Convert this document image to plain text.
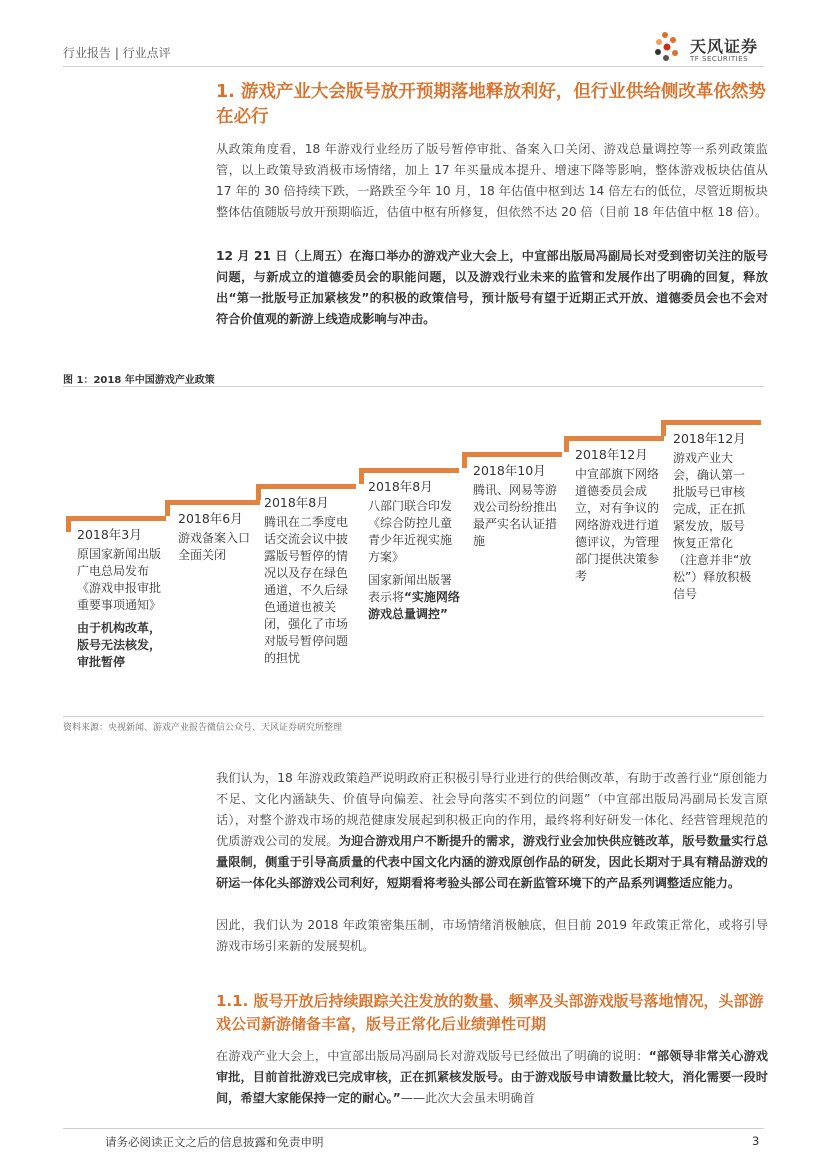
行业报告 | 行业点评	天风证券
TF SECURITIES
1. 游戏产业大会版号放开预期落地释放利好，但行业供给侧改革依然势在必行
从政策角度看，18 年游戏行业经历了版号暂停审批、备案入口关闭、游戏总量调控等一系列政策监管，以上政策导致消极市场情绪，加上 17 年买量成本提升、增速下降等影响，整体游戏板块估值从 17 年的 30 倍持续下跌，一路跌至今年 10 月，18 年估值中枢到达 14 倍左右的低位，尽管近期板块整体估值随版号放开预期临近，估值中枢有所修复，但依然不达 20 倍（目前 18 年估值中枢 18 倍）。
12 月 21 日（上周五）在海口举办的游戏产业大会上，中宣部出版局冯副局长对受到密切关注的版号问题，与新成立的道德委员会的职能问题，以及游戏行业未来的监管和发展作出了明确的回复，释放出“第一批版号正加紧核发”的积极的政策信号，预计版号有望于近期正式开放、道德委员会也不会对符合价值观的新游上线造成影响与冲击。
图 1：2018 年中国游戏产业政策
2018年3月
原国家新闻出版广电总局发布《游戏申报审批重要事项通知》
由于机构改革，版号无法核发，审批暂停
2018年6月
游戏备案入口全面关闭
2018年8月
腾讯在二季度电话交流会议中披露版号暂停的情况以及存在绿色通道，不久后绿色通道也被关闭，强化了市场对版号暂停问题的担忧
2018年8月
八部门联合印发《综合防控儿童青少年近视实施方案》
国家新闻出版署表示将“实施网络游戏总量调控”
2018年10月
腾讯、网易等游戏公司纷纷推出最严实名认证措施
2018年12月
中宣部旗下网络道德委员会成立，对有争议的网络游戏进行道德评议，为管理部门提供决策参考
2018年12月
游戏产业大会，确认第一批版号已审核完成，正在抓紧发放，版号恢复正常化（注意并非“放松”）释放积极信号
资料来源：央视新闻、游戏产业报告微信公众号、天风证券研究所整理
我们认为，18 年游戏政策趋严说明政府正积极引导行业进行的供给侧改革，有助于改善行业“原创能力不足、文化内涵缺失、价值导向偏差、社会导向落实不到位的问题”（中宣部出版局冯副局长发言原话），对整个游戏市场的规范健康发展起到积极正向的作用，最终将利好研发一体化、经营管理规范的优质游戏公司的发展。为迎合游戏用户不断提升的需求，游戏行业会加快供应链改革，版号数量实行总量限制，侧重于引导高质量的代表中国文化内涵的游戏原创作品的研发，因此长期对于具有精品游戏的研运一体化头部游戏公司利好，短期看将考验头部公司在新监管环境下的产品系列调整适应能力。
因此，我们认为 2018 年政策密集压制，市场情绪消极触底，但目前 2019 年政策正常化，或将引导游戏市场引来新的发展契机。
1.1. 版号开放后持续跟踪关注发放的数量、频率及头部游戏版号落地情况，头部游戏公司新游储备丰富，版号正常化后业绩弹性可期
在游戏产业大会上，中宣部出版局冯副局长对游戏版号已经做出了明确的说明：“部领导非常关心游戏审批，目前首批游戏已完成审核，正在抓紧核发版号。由于游戏版号申请数量比较大，消化需要一段时间，希望大家能保持一定的耐心。”——此次大会虽未明确首
请务必阅读正文之后的信息披露和免责申明	3
